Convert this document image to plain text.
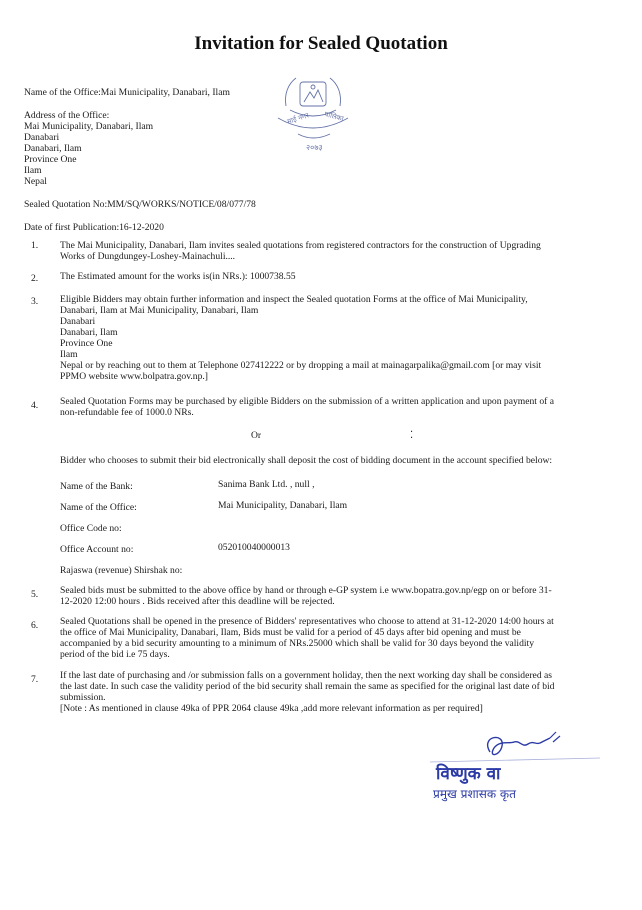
Invitation for Sealed Quotation
Name of the Office:Mai Municipality, Danabari, Ilam
Address of the Office:
Mai Municipality, Danabari, Ilam
Danabari
Danabari, Ilam
Province One
Ilam
Nepal
Sealed Quotation No:MM/SQ/WORKS/NOTICE/08/077/78
Date of first Publication:16-12-2020
माई नगर पालिका
२०७३
1. The Mai Municipality, Danabari, Ilam invites sealed quotations from registered contractors for the construction of Upgrading
Works of Dungdungey-Loshey-Mainachuli....
2. The Estimated amount for the works is(in NRs.): 1000738.55
3. Eligible Bidders may obtain further information and inspect the Sealed quotation Forms at the office of Mai Municipality,
Danabari, Ilam at Mai Municipality, Danabari, Ilam
Danabari
Danabari, Ilam
Province One
Ilam
Nepal or by reaching out to them at Telephone 027412222 or by dropping a mail at mainagarpalika@gmail.com [or may visit
PPMO website www.bolpatra.gov.np.]
4. Sealed Quotation Forms may be purchased by eligible Bidders on the submission of a written application and upon payment of a
non-refundable fee of 1000.0 NRs.
Or	⁚
Bidder who chooses to submit their bid electronically shall deposit the cost of bidding document in the account specified below:
Name of the Bank:	Sanima Bank Ltd. , null ,
Name of the Office:	Mai Municipality, Danabari, Ilam
Office Code no:
Office Account no:	052010040000013
Rajaswa (revenue) Shirshak no:
5. Sealed bids must be submitted to the above office by hand or through e-GP system i.e www.bopatra.gov.np/egp on or before 31-
12-2020 12:00 hours . Bids received after this deadline will be rejected.
6. Sealed Quotations shall be opened in the presence of Bidders' representatives who choose to attend at 31-12-2020 14:00 hours at
the office of Mai Municipality, Danabari, Ilam, Bids must be valid for a period of 45 days after bid opening and must be
accompanied by a bid security amounting to a minimum of NRs.25000 which shall be valid for 30 days beyond the validity
period of the bid i.e 75 days.
7. If the last date of purchasing and /or submission falls on a government holiday, then the next working day shall be considered as
the last date. In such case the validity period of the bid security shall remain the same as specified for the original last date of bid
submission.
[Note : As mentioned in clause 49ka of PPR 2064 clause 49ka ,add more relevant information as per required]
विष्णुक वा
प्रमुख प्रशासक कृत
